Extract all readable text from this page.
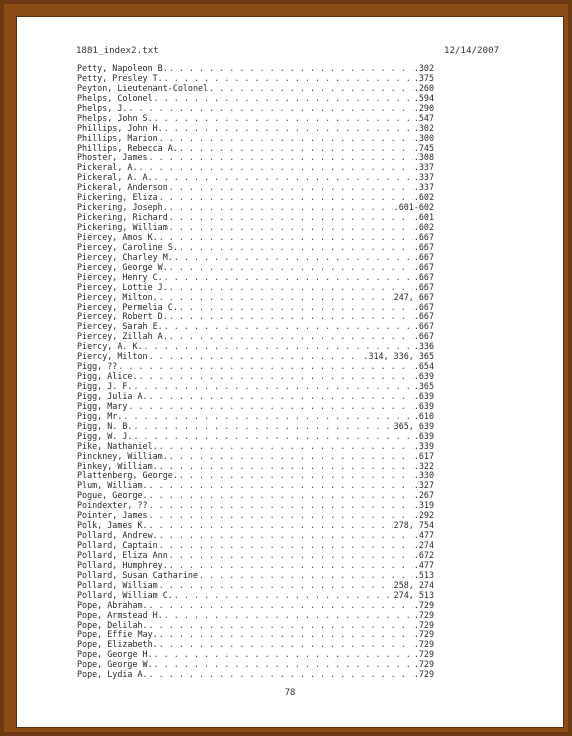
1881_index2.txt	12/14/2007
Petty, Napoleon B. . . .	.302
Petty, Presley T. . . .	.375
Peyton, Lieutenant-Colonel . . .	.260
Phelps, Colonel . . .	.594
Phelps, J. . . .	.290
Phelps, John S. . . .	.547
Phillips, John H. . . .	.302
Phillips, Marion . . .	.300
Phillips, Rebecca A. . . .	.745
Phoster, James . . .	.308
Pickeral, A. . . .	.337
Pickeral, A. A. . . .	.337
Pickeral, Anderson . . .	.337
Pickering, Eliza . . .	.602
Pickering, Joseph. . . .	.601-602
Pickering, Richard . . .	.601
Pickering, William . . .	.602
Piercey, Amos K. . . .	.667
Piercey, Caroline S. . . .	.667
Piercey, Charley M. . . .	.667
Piercey, George W. . . .	.667
Piercey, Henry C. . . .	.667
Piercey, Lottie J. . . .	.667
Piercey, Milton. . . .	247, 667
Piercey, Permelia C. . . .	.667
Piercey, Robert D. . . .	.667
Piercey, Sarah E. . . .	.667
Piercey, Zillah A. . . .	.667
Piercy, A. K. . . .	.336
Piercy, Milton . . .	.314, 336, 365
Pigg, ?? . . .	.654
Pigg, Alice. . . .	.639
Pigg, J. F. . . .	.365
Pigg, Julia A. . . .	.639
Pigg, Mary . . .	.639
Pigg, Mr. . . .	.610
Pigg, N. B. . . .	365, 639
Pigg, W. J. . . .	.639
Pike, Nathaniel. . . .	.339
Pinckney, William. . . .	.617
Pinkey, William. . . .	.322
Plattenberg, George. . . .	.330
Plum, William. . . .	.327
Pogue, George. . . .	.267
Poindexter, ?? . . .	.319
Pointer, James . . .	.292
Polk, James K. . . .	278, 754
Pollard, Andrew. . . .	.477
Pollard, Captain . . .	.274
Pollard, Eliza Ann . . .	.672
Pollard, Humphrey. . . .	.477
Pollard, Susan Catharine . . .	.513
Pollard, William . . .	258, 274
Pollard, William C. . . .	274, 513
Pope, Abraham. . . .	.729
Pope, Armstead H. . . .	.729
Pope, Delilah. . . .	.729
Pope, Effie May. . . .	.729
Pope, Elizabeth. . . .	.729
Pope, George H. . . .	.729
Pope, George W. . . .	.729
Pope, Lydia A. . . .	.729
78
